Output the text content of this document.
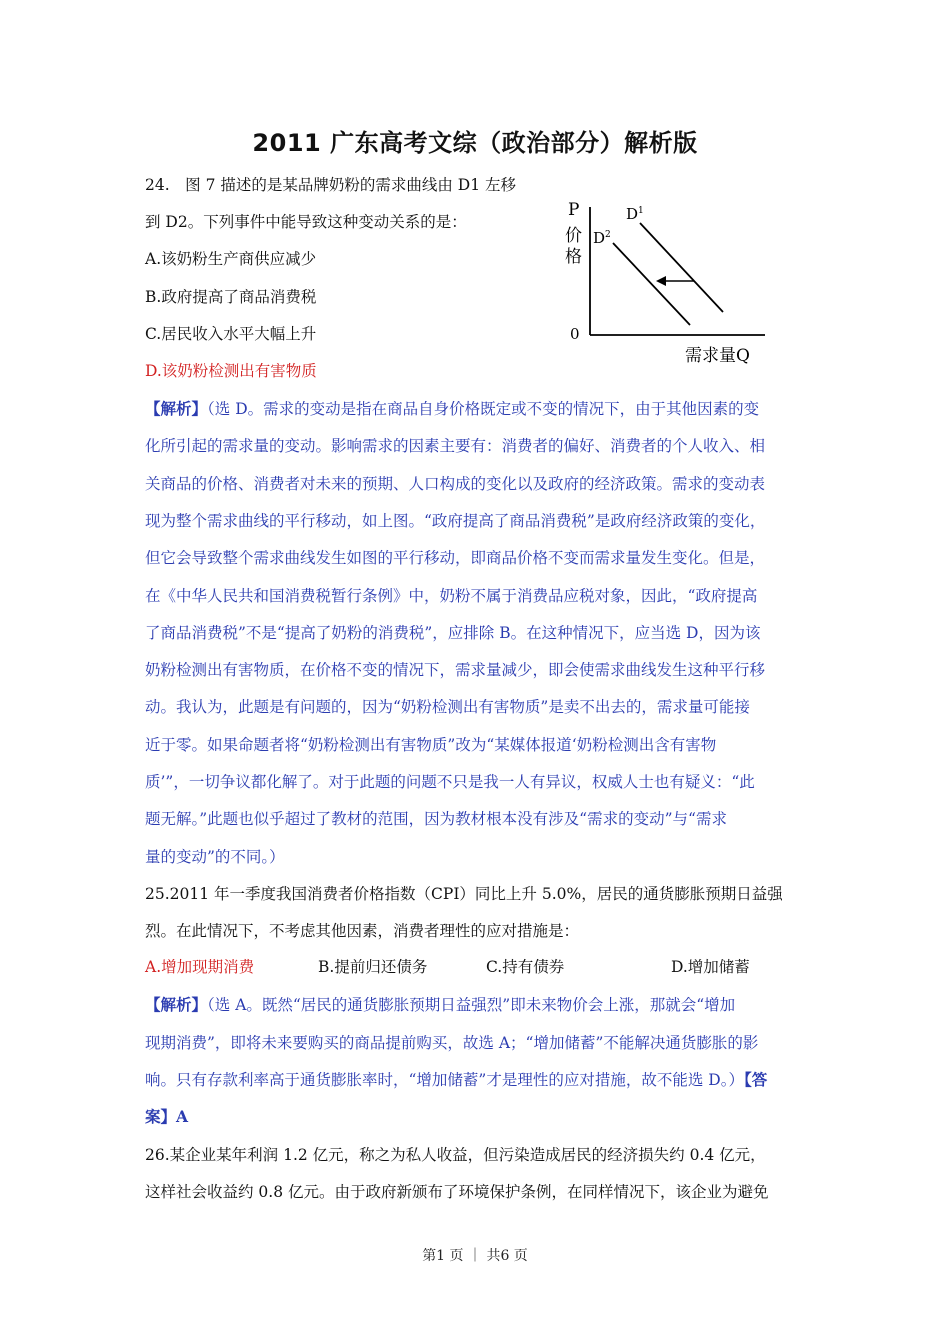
2011 广东高考文综（政治部分）解析版
24.　图 7 描述的是某品牌奶粉的需求曲线由 D1 左移
到 D2。下列事件中能导致这种变动关系的是：
A.该奶粉生产商供应减少
B.政府提高了商品消费税
C.居民收入水平大幅上升
D.该奶粉检测出有害物质
P
价
格
0
需求量Q
$D^1$
$D^2$
【解析】（选 D。需求的变动是指在商品自身价格既定或不变的情况下，由于其他因素的变
化所引起的需求量的变动。影响需求的因素主要有：消费者的偏好、消费者的个人收入、相
关商品的价格、消费者对未来的预期、人口构成的变化以及政府的经济政策。需求的变动表
现为整个需求曲线的平行移动，如上图。“政府提高了商品消费税”是政府经济政策的变化，
但它会导致整个需求曲线发生如图的平行移动，即商品价格不变而需求量发生变化。但是，
在《中华人民共和国消费税暂行条例》中，奶粉不属于消费品应税对象，因此，“政府提高
了商品消费税”不是“提高了奶粉的消费税”，应排除 B。在这种情况下，应当选 D，因为该
奶粉检测出有害物质，在价格不变的情况下，需求量减少，即会使需求曲线发生这种平行移
动。我认为，此题是有问题的，因为“奶粉检测出有害物质”是卖不出去的，需求量可能接
近于零。如果命题者将“奶粉检测出有害物质”改为“某媒体报道‘奶粉检测出含有害物
质’”，一切争议都化解了。对于此题的问题不只是我一人有异议，权威人士也有疑义：“此
题无解。”此题也似乎超过了教材的范围，因为教材根本没有涉及“需求的变动”与“需求
量的变动”的不同。）
25.2011 年一季度我国消费者价格指数（CPI）同比上升 5.0%，居民的通货膨胀预期日益强
烈。在此情况下，不考虑其他因素，消费者理性的应对措施是：
A.增加现期消费	B.提前归还债务	C.持有债券	D.增加储蓄
【解析】（选 A。既然“居民的通货膨胀预期日益强烈”即未来物价会上涨，那就会“增加
现期消费”，即将未来要购买的商品提前购买，故选 A；“增加储蓄”不能解决通货膨胀的影
响。只有存款利率高于通货膨胀率时，“增加储蓄”才是理性的应对措施，故不能选 D。）【答
案】A
26.某企业某年利润 1.2 亿元，称之为私人收益，但污染造成居民的经济损失约 0.4 亿元，
这样社会收益约 0.8 亿元。由于政府新颁布了环境保护条例，在同样情况下，该企业为避免
第1 页 ｜ 共6 页
